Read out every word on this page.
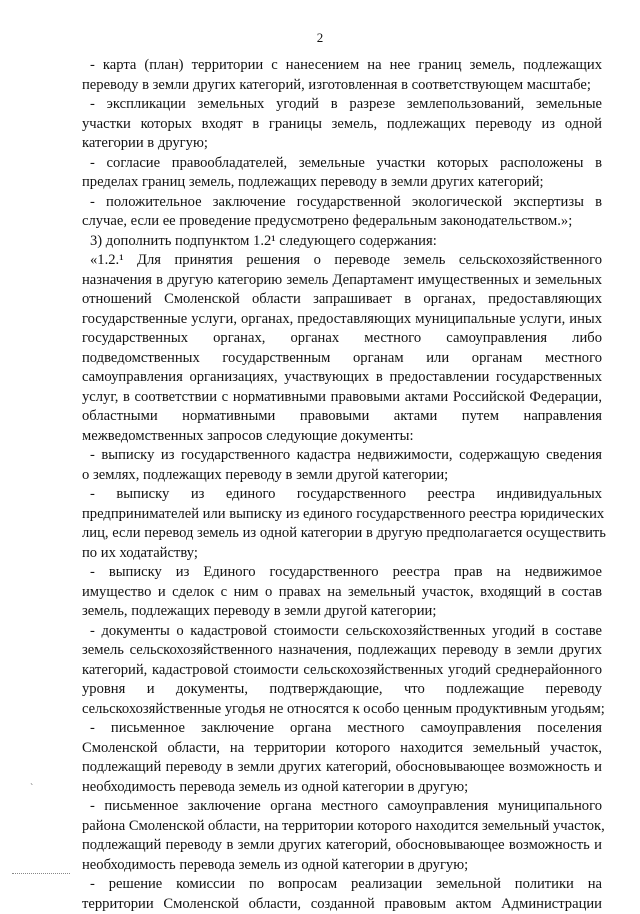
2
- карта (план) территории с нанесением на нее границ земель, подлежащих
переводу в земли других категорий, изготовленная в соответствующем масштабе;
- экспликации земельных угодий в разрезе землепользований, земельные
участки которых входят в границы земель, подлежащих переводу из одной
категории в другую;
- согласие правообладателей, земельные участки которых расположены в
пределах границ земель, подлежащих переводу в земли других категорий;
- положительное заключение государственной экологической экспертизы в
случае, если ее проведение предусмотрено федеральным законодательством.»;
3) дополнить подпунктом 1.2¹ следующего содержания:
«1.2.¹ Для принятия решения о переводе земель сельскохозяйственного
назначения в другую категорию земель Департамент имущественных и земельных
отношений Смоленской области запрашивает в органах, предоставляющих
государственные услуги, органах, предоставляющих муниципальные услуги, иных
государственных органах, органах местного самоуправления либо
подведомственных государственным органам или органам местного
самоуправления организациях, участвующих в предоставлении государственных
услуг, в соответствии с нормативными правовыми актами Российской Федерации,
областными нормативными правовыми актами путем направления
межведомственных запросов следующие документы:
- выписку из государственного кадастра недвижимости, содержащую сведения
о землях, подлежащих переводу в земли другой категории;
- выписку из единого государственного реестра индивидуальных
предпринимателей или выписку из единого государственного реестра юридических
лиц, если перевод земель из одной категории в другую предполагается осуществить
по их ходатайству;
- выписку из Единого государственного реестра прав на недвижимое
имущество и сделок с ним о правах на земельный участок, входящий в состав
земель, подлежащих переводу в земли другой категории;
- документы о кадастровой стоимости сельскохозяйственных угодий в составе
земель сельскохозяйственного назначения, подлежащих переводу в земли других
категорий, кадастровой стоимости сельскохозяйственных угодий среднерайонного
уровня и документы, подтверждающие, что подлежащие переводу
сельскохозяйственные угодья не относятся к особо ценным продуктивным угодьям;
- письменное заключение органа местного самоуправления поселения
Смоленской области, на территории которого находится земельный участок,
подлежащий переводу в земли других категорий, обосновывающее возможность и
необходимость перевода земель из одной категории в другую;
- письменное заключение органа местного самоуправления муниципального
района Смоленской области, на территории которого находится земельный участок,
подлежащий переводу в земли других категорий, обосновывающее возможность и
необходимость перевода земель из одной категории в другую;
- решение комиссии по вопросам реализации земельной политики на
территории Смоленской области, созданной правовым актом Администрации
`
